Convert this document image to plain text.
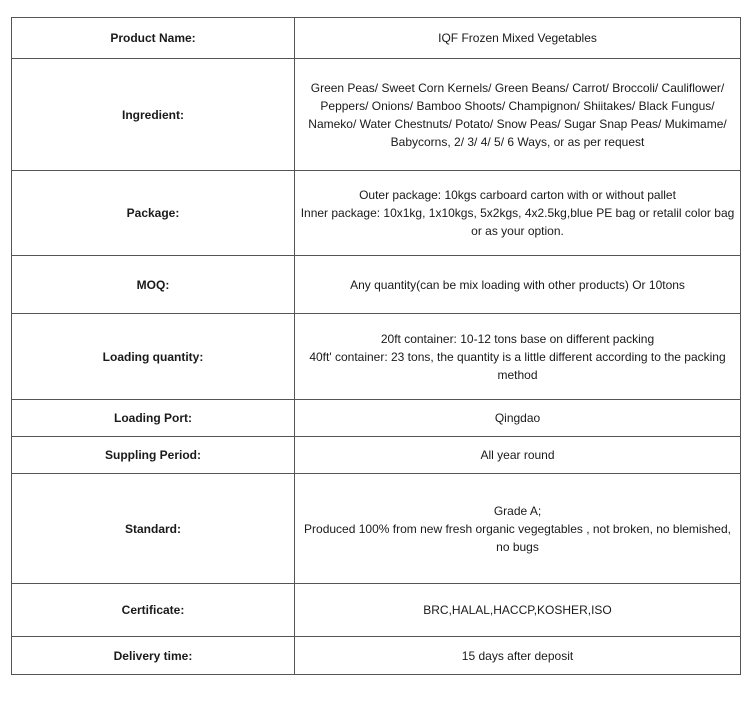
Product Name:	IQF Frozen Mixed Vegetables

Ingredient:	Green Peas/ Sweet Corn Kernels/ Green Beans/ Carrot/ Broccoli/ Cauliflower/ Peppers/ Onions/ Bamboo Shoots/ Champignon/ Shiitakes/ Black Fungus/ Nameko/ Water Chestnuts/ Potato/ Snow Peas/ Sugar Snap Peas/ Mukimame/ Babycorns, 2/ 3/ 4/ 5/ 6 Ways, or as per request

Package:	Outer package: 10kgs carboard carton with or without pallet
Inner package: 10x1kg, 1x10kgs, 5x2kgs, 4x2.5kg,blue PE bag or retalil color bag or as your option.

MOQ:	Any quantity(can be mix loading with other products) Or 10tons

Loading quantity:	20ft container: 10-12 tons base on different packing
40ft' container: 23 tons, the quantity is a little different according to the packing method

Loading Port:	Qingdao

Suppling Period:	All year round

Standard:	Grade A;
Produced 100% from new fresh organic vegegtables , not broken, no blemished, no bugs

Certificate:	BRC,HALAL,HACCP,KOSHER,ISO

Delivery time:	15 days after deposit
